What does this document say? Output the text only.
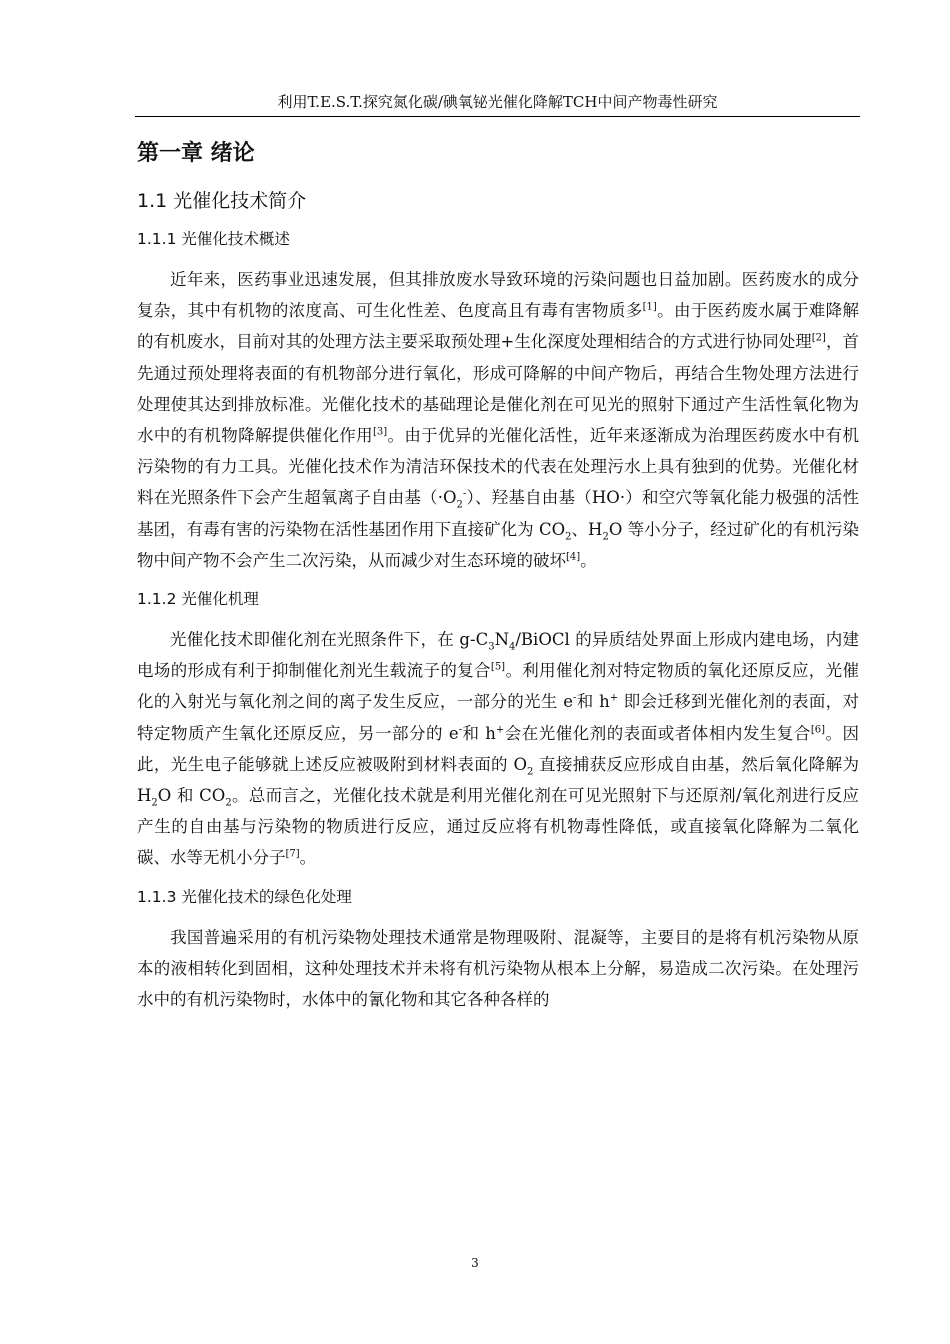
利用T.E.S.T.探究氮化碳/碘氧铋光催化降解TCH中间产物毒性研究
第一章 绪论
1.1 光催化技术简介
1.1.1 光催化技术概述

近年来，医药事业迅速发展，但其排放废水导致环境的污染问题也日益加剧。医药废水的成分复杂，其中有机物的浓度高、可生化性差、色度高且有毒有害物质多[1]。由于医药废水属于难降解的有机废水，目前对其的处理方法主要采取预处理+生化深度处理相结合的方式进行协同处理[2]，首先通过预处理将表面的有机物部分进行氧化，形成可降解的中间产物后，再结合生物处理方法进行处理使其达到排放标准。光催化技术的基础理论是催化剂在可见光的照射下通过产生活性氧化物为水中的有机物降解提供催化作用[3]。由于优异的光催化活性，近年来逐渐成为治理医药废水中有机污染物的有力工具。光催化技术作为清洁环保技术的代表在处理污水上具有独到的优势。光催化材料在光照条件下会产生超氧离子自由基$(\cdot O_2^-)$、羟基自由基（HO·）和空穴等氧化能力极强的活性基团，有毒有害的污染物在活性基团作用下直接矿化为 $CO_2$、$H_2O$ 等小分子，经过矿化的有机污染物中间产物不会产生二次污染，从而减少对生态环境的破坏[4]。

1.1.2 光催化机理

光催化技术即催化剂在光照条件下，在 $g-C_3N_4$/BiOCl 的异质结处界面上形成内建电场，内建电场的形成有利于抑制催化剂光生载流子的复合[5]。利用催化剂对特定物质的氧化还原反应，光催化的入射光与氧化剂之间的离子发生反应，一部分的光生 e-和 h+ 即会迁移到光催化剂的表面，对特定物质产生氧化还原反应，另一部分的 e-和 h+会在光催化剂的表面或者体相内发生复合[6]。因此，光生电子能够就上述反应被吸附到材料表面的 $O_2$ 直接捕获反应形成自由基，然后氧化降解为 $H_2O$ 和 $CO_2$。总而言之，光催化技术就是利用光催化剂在可见光照射下与还原剂/氧化剂进行反应产生的自由基与污染物的物质进行反应，通过反应将有机物毒性降低，或直接氧化降解为二氧化碳、水等无机小分子[7]。

1.1.3 光催化技术的绿色化处理

我国普遍采用的有机污染物处理技术通常是物理吸附、混凝等，主要目的是将有机污染物从原本的液相转化到固相，这种处理技术并未将有机污染物从根本上分解，易造成二次污染。在处理污水中的有机污染物时，水体中的氰化物和其它各种各样的

3
